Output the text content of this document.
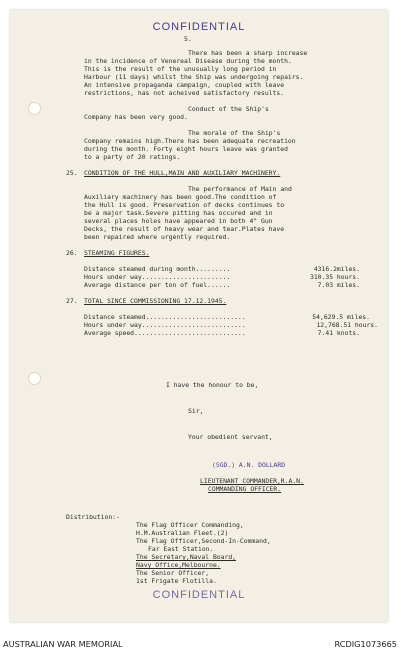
CONFIDENTIAL
5.
There has been a sharp increase
in the incidence of Venereal Disease during the month.
This is the result of the unusually long period in
Harbour (11 days) whilst the Ship was undergoing repairs.
An intensive propaganda campaign, coupled with leave
restrictions, has not acheived satisfactory results.
Conduct of the Ship's
Company has been very good.
The morale of the Ship's
Company remains high.There has been adequate recreation
during the month. Forty eight hours leave was granted
to a party of 20 ratings.
25. CONDITION OF THE HULL,MAIN AND AUXILIARY MACHINERY.
The performance of Main and
Auxiliary machinery has been good.The condition of
the Hull is good. Preservation of decks continues to
be a major task.Severe pitting has occured and in
several places holes have appeared in both 4" Gun
Decks, the result of heavy wear and tear.Plates have
been repaired where urgently required.
26. STEAMING FIGURES.
Distance steamed during month.........	4316.2miles.
Hours under way.......................	310.35 hours.
Average distance per ton of fuel......	7.03 miles.
27. TOTAL SINCE COMMISSIONING 17.12.1945.
Distance steamed..........................	54,629.5 miles.
Hours under way...........................	12,768.51 hours.
Average speed.............................	7.41 knots.
I have the honour to be,
Sir,
Your obedient servant,
(SGD.) A.N. DOLLARD
LIEUTENANT COMMANDER,R.A.N.
COMMANDING OFFICER.
Distribution:-
The Flag Officer Commanding,
H.M.Australian Fleet.(2)
The Flag Officer,Second-In-Command,
Far East Station.
The Secretary,Naval Board,
Navy Office,Melbourne.
The Senior Officer,
1st Frigate Flotilla.
CONFIDENTIAL
AUSTRALIAN WAR MEMORIAL	RCDIG1073665
